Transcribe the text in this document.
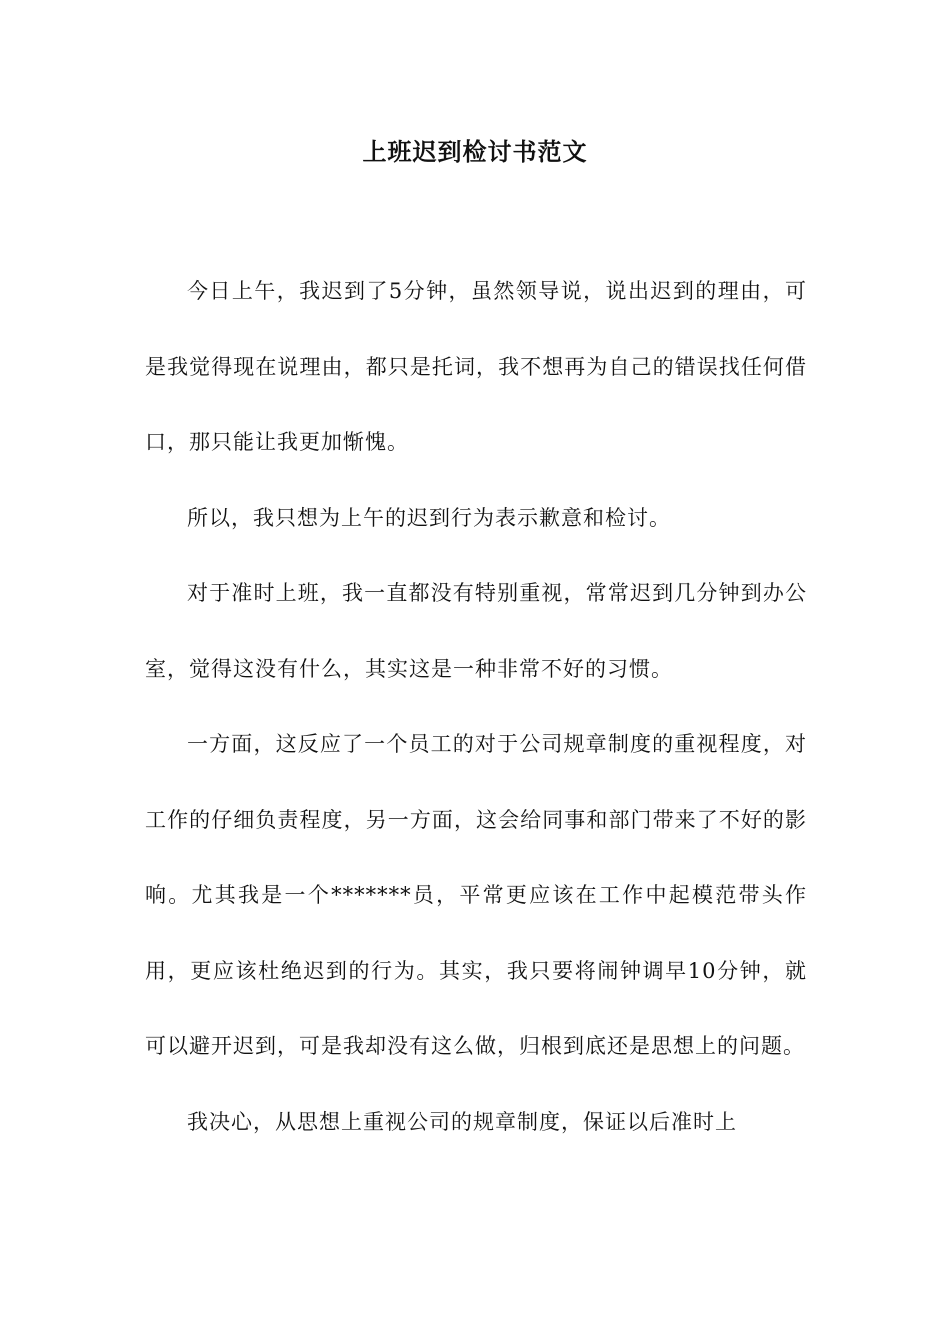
上班迟到检讨书范文

今日上午，我迟到了5分钟，虽然领导说，说出迟到的理由，可是我觉得现在说理由，都只是托词，我不想再为自己的错误找任何借口，那只能让我更加惭愧。

所以，我只想为上午的迟到行为表示歉意和检讨。

对于准时上班，我一直都没有特别重视，常常迟到几分钟到办公室，觉得这没有什么，其实这是一种非常不好的习惯。

一方面，这反应了一个员工的对于公司规章制度的重视程度，对工作的仔细负责程度，另一方面，这会给同事和部门带来了不好的影响。尤其我是一个*******员，平常更应该在工作中起模范带头作用，更应该杜绝迟到的行为。其实，我只要将闹钟调早10分钟，就可以避开迟到，可是我却没有这么做，归根到底还是思想上的问题。

我决心，从思想上重视公司的规章制度，保证以后准时上
